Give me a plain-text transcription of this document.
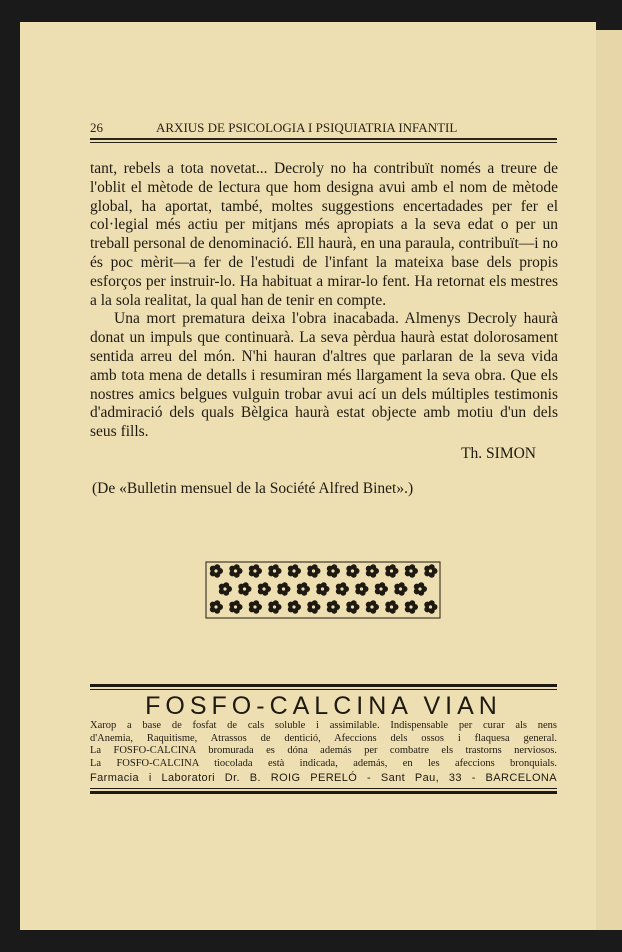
26	ARXIUS DE PSICOLOGIA I PSIQUIATRIA INFANTIL

tant, rebels a tota novetat... Decroly no ha contribuït només a treure de l'oblit el mètode de lectura que hom designa avui amb el nom de mètode global, ha aportat, també, moltes suggestions encertadades per fer el col·legial més actiu per mitjans més apropiats a la seva edat o per un treball personal de denominació. Ell haurà, en una paraula, contribuït—i no és poc mèrit—a fer de l'estudi de l'infant la mateixa base dels propis esforços per instruir-lo. Ha habituat a mirar-lo fent. Ha retornat els mestres a la sola realitat, la qual han de tenir en compte.

Una mort prematura deixa l'obra inacabada. Almenys Decroly haurà donat un impuls que continuarà. La seva pèrdua haurà estat dolorosament sentida arreu del món. N'hi hauran d'altres que parlaran de la seva vida amb tota mena de detalls i resumiran més llargament la seva obra. Que els nostres amics belgues vulguin trobar avui ací un dels múltiples testimonis d'admiració dels quals Bèlgica haurà estat objecte amb motiu d'un dels seus fills.

Th. SIMON
(De «Bulletin mensuel de la Société Alfred Binet».)
FOSFO-CALCINA VIAN
Xarop a base de fosfat de cals soluble i assimilable. Indispensable per curar als nens
d'Anemia, Raquitisme, Atrassos de dentició, Afeccions dels ossos i flaquesa general.
La FOSFO-CALCINA bromurada es dóna además per combatre els trastorns nerviosos.
La FOSFO-CALCINA tiocolada està indicada, además, en les afeccions bronquials.
Farmacia i Laboratori Dr. B. ROIG PERELÓ - Sant Pau, 33 - BARCELONA
